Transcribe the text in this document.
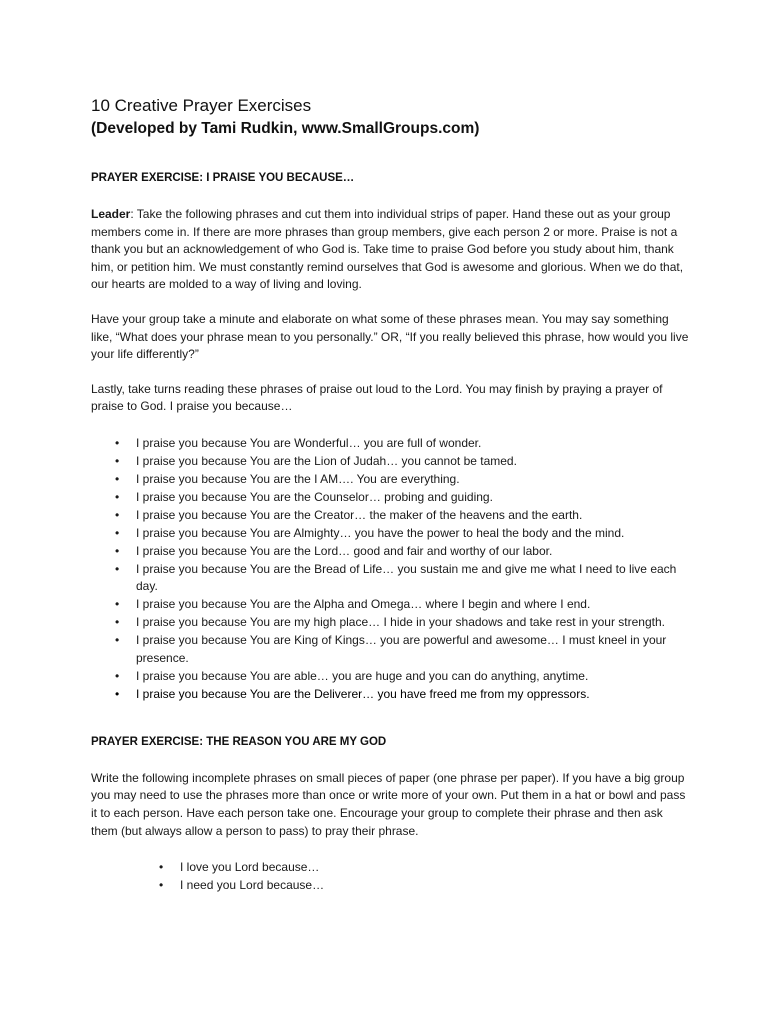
10 Creative Prayer Exercises
(Developed by Tami Rudkin, www.SmallGroups.com)
PRAYER EXERCISE: I PRAISE YOU BECAUSE…

Leader: Take the following phrases and cut them into individual strips of paper. Hand these out as your group members come in. If there are more phrases than group members, give each person 2 or more. Praise is not a thank you but an acknowledgement of who God is. Take time to praise God before you study about him, thank him, or petition him. We must constantly remind ourselves that God is awesome and glorious. When we do that, our hearts are molded to a way of living and loving.

Have your group take a minute and elaborate on what some of these phrases mean. You may say something like, “What does your phrase mean to you personally.” OR, “If you really believed this phrase, how would you live your life differently?”

Lastly, take turns reading these phrases of praise out loud to the Lord. You may finish by praying a prayer of praise to God. I praise you because…

• I praise you because You are Wonderful… you are full of wonder.
• I praise you because You are the Lion of Judah… you cannot be tamed.
• I praise you because You are the I AM…. You are everything.
• I praise you because You are the Counselor… probing and guiding.
• I praise you because You are the Creator… the maker of the heavens and the earth.
• I praise you because You are Almighty… you have the power to heal the body and the mind.
• I praise you because You are the Lord… good and fair and worthy of our labor.
• I praise you because You are the Bread of Life… you sustain me and give me what I need to live each day.
• I praise you because You are the Alpha and Omega… where I begin and where I end.
• I praise you because You are my high place… I hide in your shadows and take rest in your strength.
• I praise you because You are King of Kings… you are powerful and awesome… I must kneel in your presence.
• I praise you because You are able… you are huge and you can do anything, anytime.
• I praise you because You are the Deliverer… you have freed me from my oppressors.
PRAYER EXERCISE: THE REASON YOU ARE MY GOD

Write the following incomplete phrases on small pieces of paper (one phrase per paper). If you have a big group you may need to use the phrases more than once or write more of your own. Put them in a hat or bowl and pass it to each person. Have each person take one. Encourage your group to complete their phrase and then ask them (but always allow a person to pass) to pray their phrase.

• I love you Lord because…
• I need you Lord because…
